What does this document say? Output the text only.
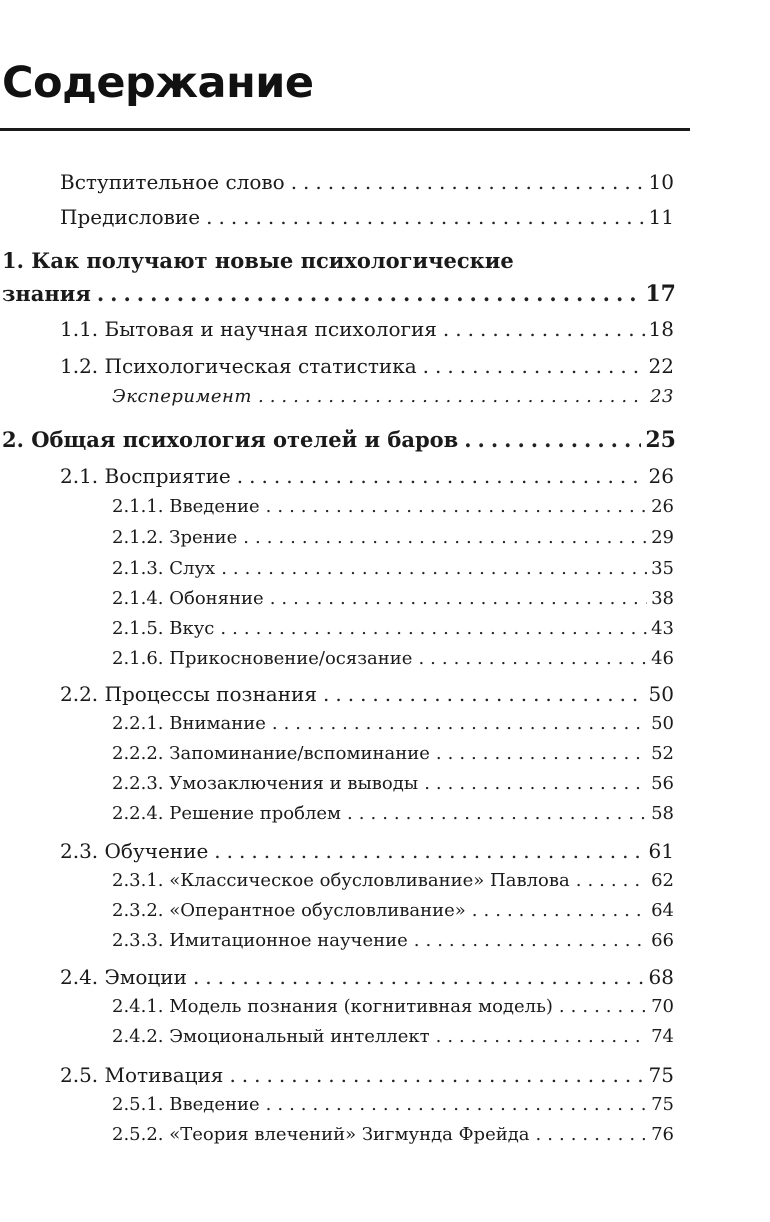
Содержание
Вступительное слово .....	10
Предисловие .....	11
1. Как получают новые психологические
знания .....	17
1.1. Бытовая и научная психология .....	18
1.2. Психологическая статистика .....	22
Эксперимент .....	23
2. Общая психология отелей и баров .....	25
2.1. Восприятие .....	26
2.1.1. Введение .....	26
2.1.2. Зрение .....	29
2.1.3. Слух .....	35
2.1.4. Обоняние .....	38
2.1.5. Вкус .....	43
2.1.6. Прикосновение/осязание .....	46
2.2. Процессы познания .....	50
2.2.1. Внимание .....	50
2.2.2. Запоминание/вспоминание .....	52
2.2.3. Умозаключения и выводы .....	56
2.2.4. Решение проблем .....	58
2.3. Обучение .....	61
2.3.1. «Классическое обусловливание» Павлова .....	62
2.3.2. «Оперантное обусловливание» .....	64
2.3.3. Имитационное научение .....	66
2.4. Эмоции .....	68
2.4.1. Модель познания (когнитивная модель) .....	70
2.4.2. Эмоциональный интеллект .....	74
2.5. Мотивация .....	75
2.5.1. Введение .....	75
2.5.2. «Теория влечений» Зигмунда Фрейда .....	76
